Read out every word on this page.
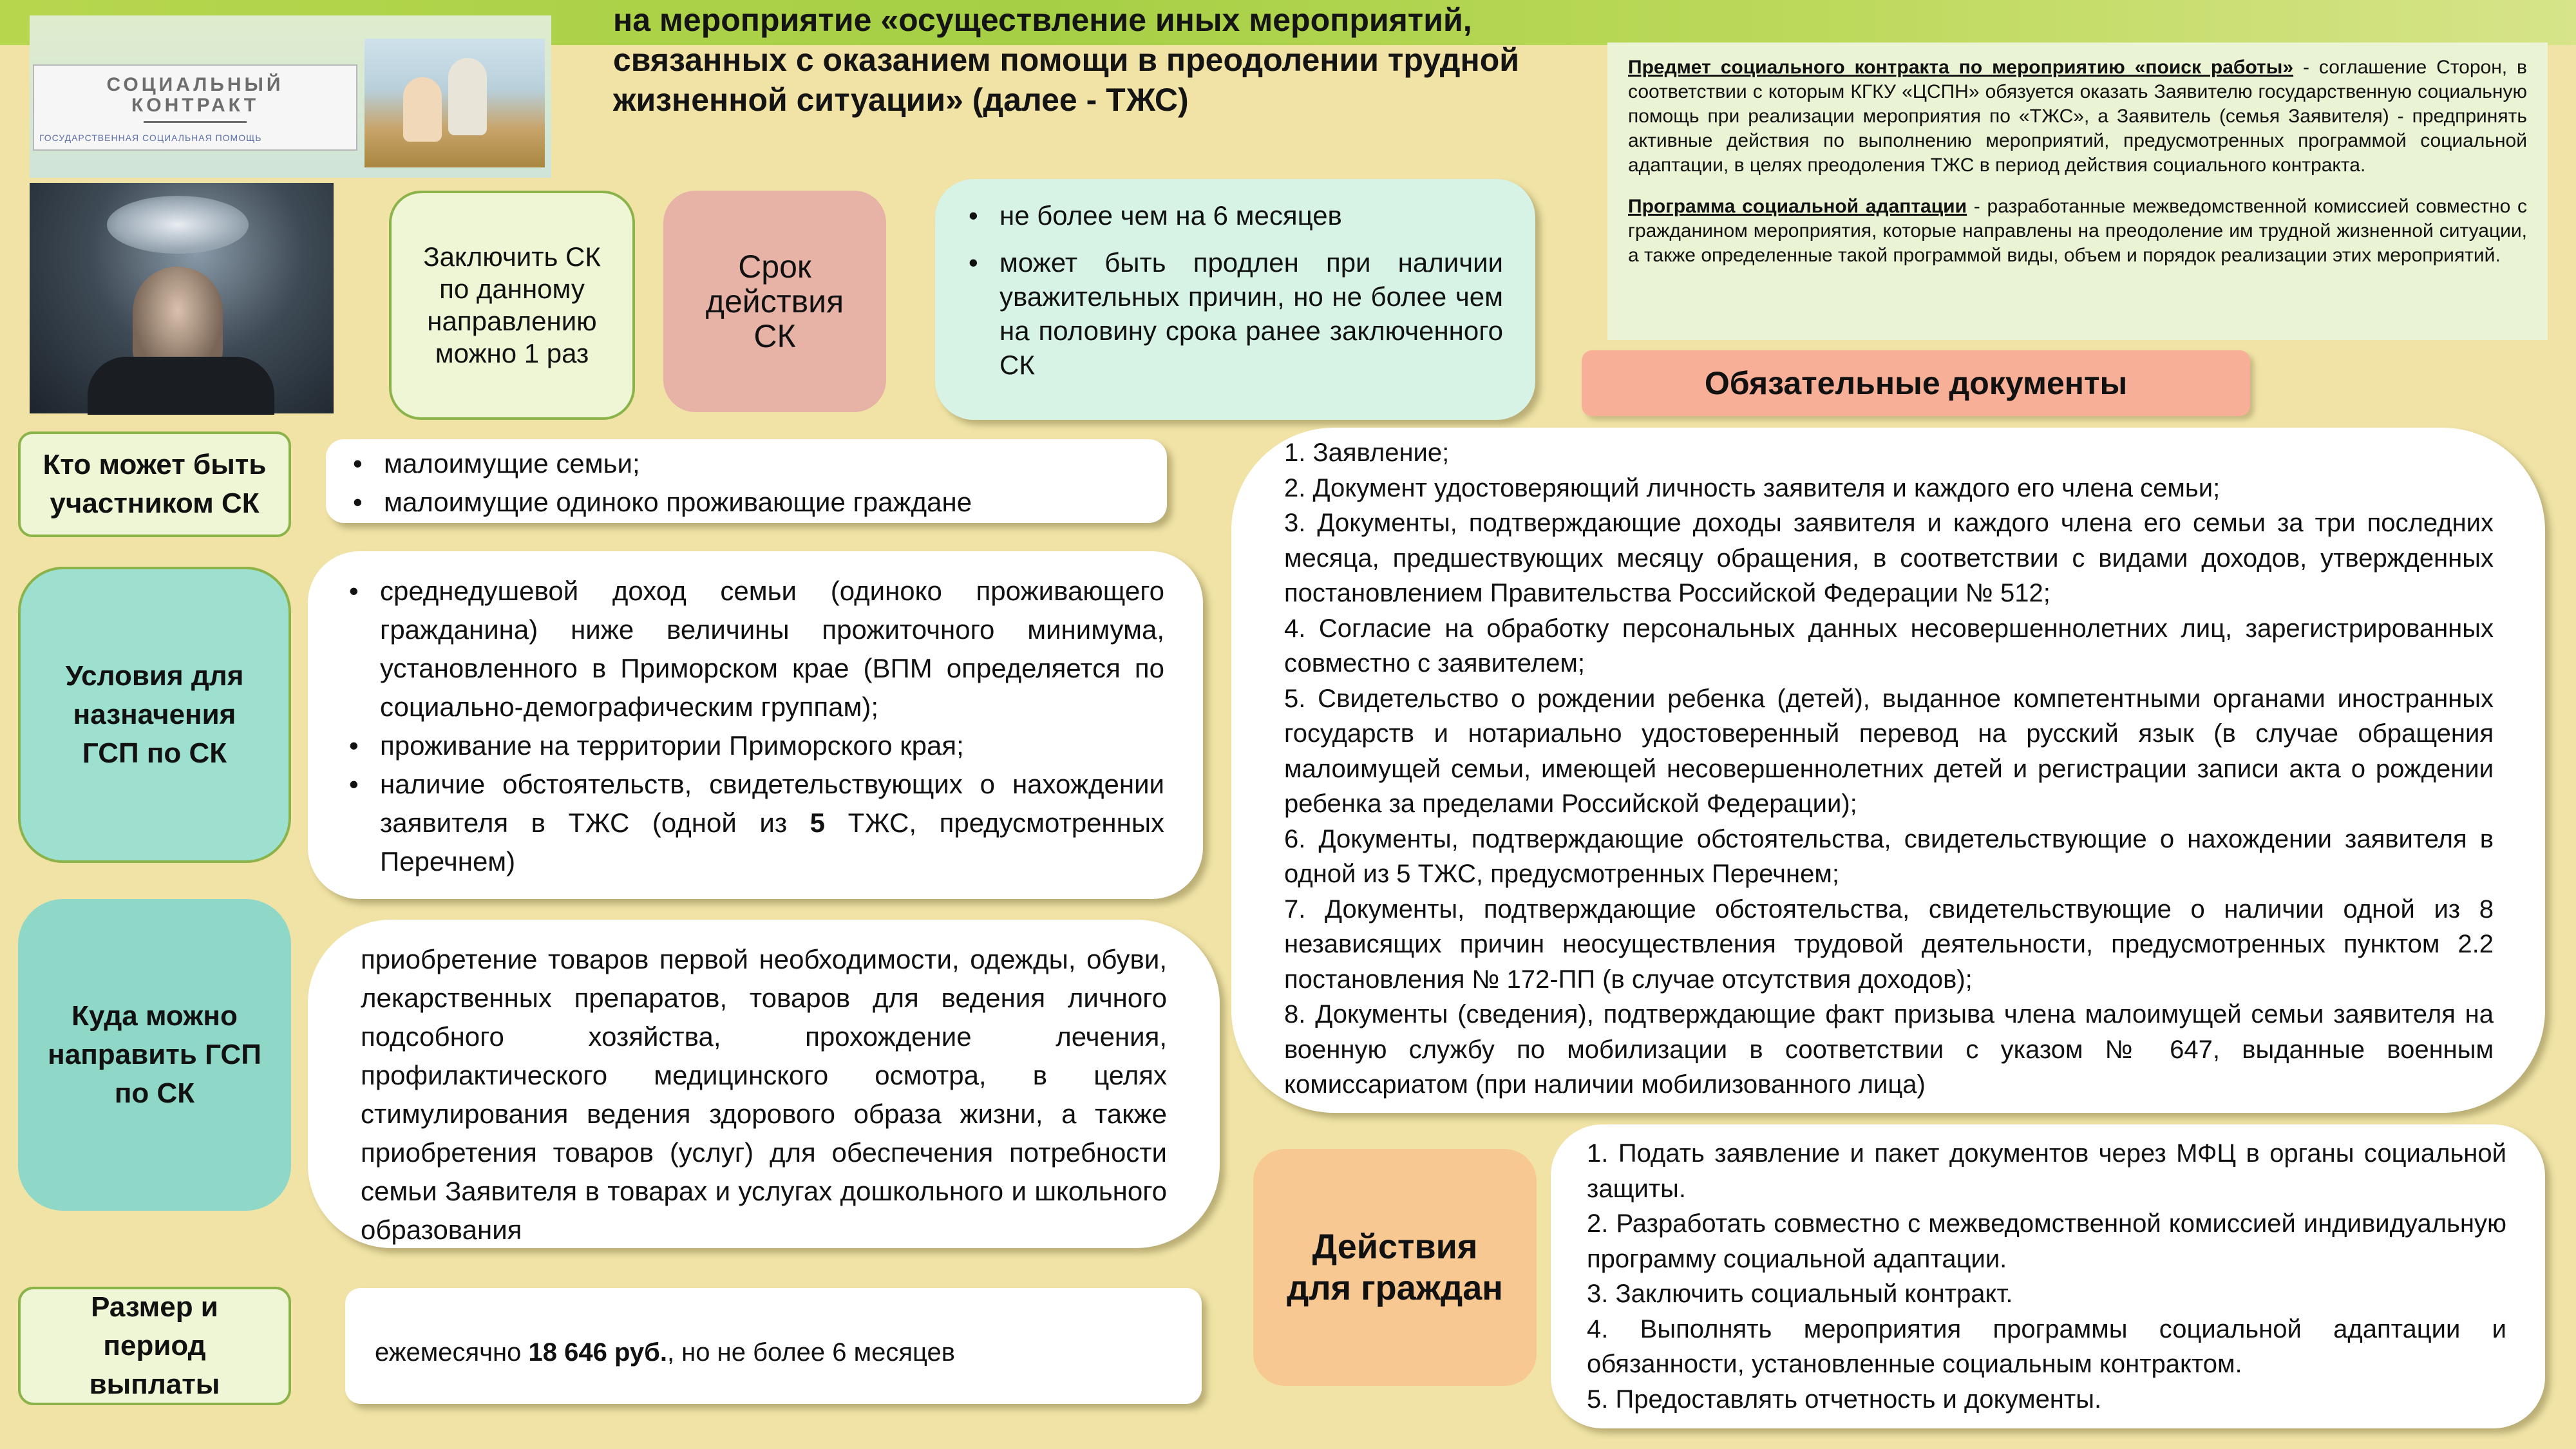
СОЦИАЛЬНЫЙ КОНТРАКТ
ГОСУДАРСТВЕННАЯ СОЦИАЛЬНАЯ ПОМОЩЬ
на мероприятие «осуществление иных мероприятий, связанных с оказанием помощи в преодолении трудной жизненной ситуации» (далее - ТЖС)
Заключить СК по данному направлению можно 1 раз
Срок действия СК
• не более чем на 6 месяцев
• может быть продлен при наличии уважительных причин, но не более чем на половину срока ранее заключенного СК

Предмет социального контракта по мероприятию «поиск работы» - соглашение Сторон, в соответствии с которым КГКУ «ЦСПН» обязуется оказать Заявителю государственную социальную помощь при реализации мероприятия по «ТЖС», а Заявитель (семья Заявителя) - предпринять активные действия по выполнению мероприятий, предусмотренных программой социальной адаптации, в целях преодоления ТЖС в период действия социального контракта.

Программа социальной адаптации - разработанные межведомственной комиссией совместно с гражданином мероприятия, которые направлены на преодоление им трудной жизненной ситуации, а также определенные такой программой виды, объем и порядок реализации этих мероприятий.

Обязательные документы
Кто может быть участником СК
• малоимущие семьи;
• малоимущие одиноко проживающие граждане
Условия для назначения ГСП по СК
• среднедушевой доход семьи (одиноко проживающего гражданина) ниже величины прожиточного минимума, установленного в Приморском крае (ВПМ определяется по социально-демографическим группам);
• проживание на территории Приморского края;
• наличие обстоятельств, свидетельствующих о нахождении заявителя в ТЖС (одной из 5 ТЖС, предусмотренных Перечнем)
Куда можно направить ГСП по СК
приобретение товаров первой необходимости, одежды, обуви, лекарственных препаратов, товаров для ведения личного подсобного хозяйства, прохождение лечения, профилактического медицинского осмотра, в целях стимулирования ведения здорового образа жизни, а также приобретения товаров (услуг) для обеспечения потребности семьи Заявителя в товарах и услугах дошкольного и школьного образования
Размер и период выплаты
ежемесячно 18 646 руб., но не более 6 месяцев
1. Заявление;
2. Документ удостоверяющий личность заявителя и каждого его члена семьи;
3. Документы, подтверждающие доходы заявителя и каждого члена его семьи за три последних месяца, предшествующих месяцу обращения, в соответствии с видами доходов, утвержденных постановлением Правительства Российской Федерации № 512;
4. Согласие на обработку персональных данных несовершеннолетних лиц, зарегистрированных совместно с заявителем;
5. Свидетельство о рождении ребенка (детей), выданное компетентными органами иностранных государств и нотариально удостоверенный перевод на русский язык (в случае обращения малоимущей семьи, имеющей несовершеннолетних детей и регистрации записи акта о рождении ребенка за пределами Российской Федерации);
6. Документы, подтверждающие обстоятельства, свидетельствующие о нахождении заявителя в одной из 5 ТЖС, предусмотренных Перечнем;
7. Документы, подтверждающие обстоятельства, свидетельствующие о наличии одной из 8 независящих причин неосуществления трудовой деятельности, предусмотренных пунктом 2.2 постановления № 172-ПП (в случае отсутствия доходов);
8. Документы (сведения), подтверждающие факт призыва члена малоимущей семьи заявителя на военную службу по мобилизации в соответствии с указом № 647, выданные военным комиссариатом (при наличии мобилизованного лица)
Действия для граждан
1. Подать заявление и пакет документов через МФЦ в органы социальной защиты.
2. Разработать совместно с межведомственной комиссией индивидуальную программу социальной адаптации.
3. Заключить социальный контракт.
4. Выполнять мероприятия программы социальной адаптации и обязанности, установленные социальным контрактом.
5. Предоставлять отчетность и документы.
